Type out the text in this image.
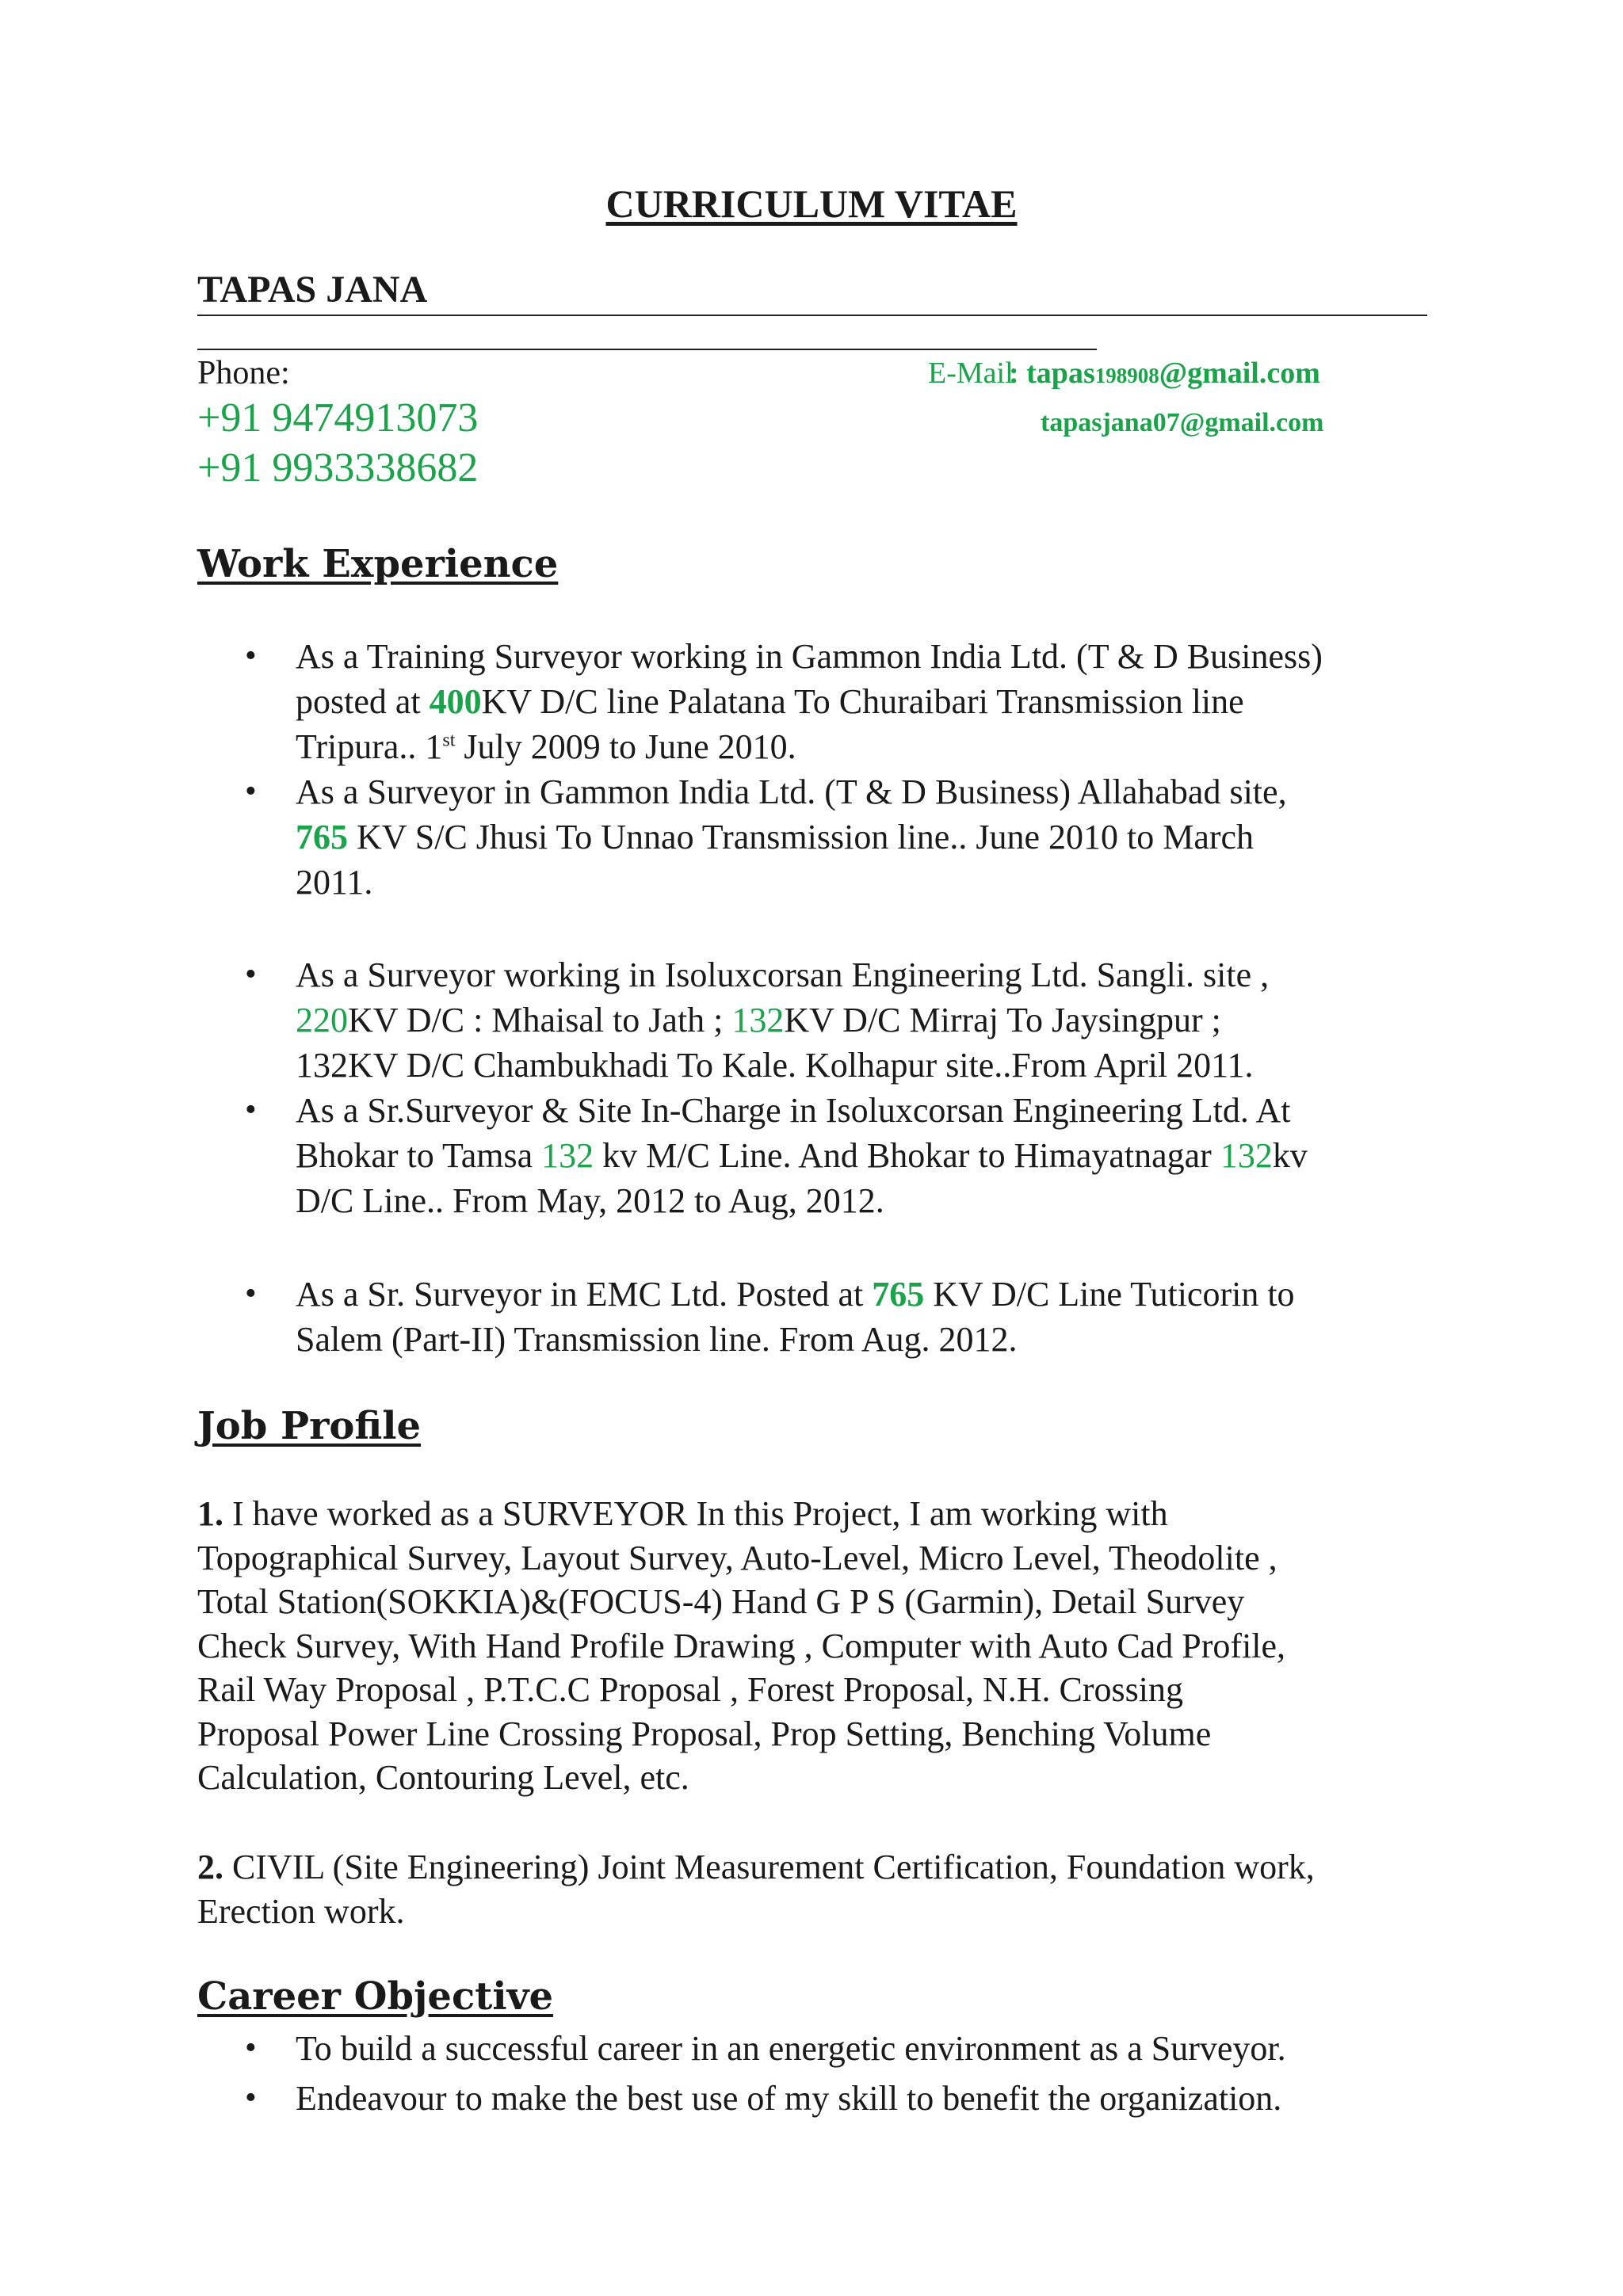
CURRICULUM VITAE
TAPAS JANA
Phone:
+91 9474913073
+91 9933338682
E-Mail
: tapas198908@gmail.com
tapasjana07@gmail.com
Work Experience
• As a Training Surveyor working in Gammon India Ltd. (T & D Business)
posted at 400KV D/C line Palatana To Churaibari Transmission line
Tripura.. 1st July 2009 to June 2010.
• As a Surveyor in Gammon India Ltd. (T & D Business) Allahabad site,
765 KV S/C Jhusi To Unnao Transmission line.. June 2010 to March
2011.
• As a Surveyor working in Isoluxcorsan Engineering Ltd. Sangli. site ,
220KV D/C : Mhaisal to Jath ; 132KV D/C Mirraj To Jaysingpur ;
132KV D/C Chambukhadi To Kale. Kolhapur site..From April 2011.
• As a Sr.Surveyor & Site In-Charge in Isoluxcorsan Engineering Ltd. At
Bhokar to Tamsa 132 kv M/C Line. And Bhokar to Himayatnagar 132kv
D/C Line.. From May, 2012 to Aug, 2012.
• As a Sr. Surveyor in EMC Ltd. Posted at 765 KV D/C Line Tuticorin to
Salem (Part-II) Transmission line. From Aug. 2012.
Job Profile
1. I have worked as a SURVEYOR In this Project, I am working with
Topographical Survey, Layout Survey, Auto-Level, Micro Level, Theodolite ,
Total Station(SOKKIA)&(FOCUS-4) Hand G P S (Garmin), Detail Survey
Check Survey, With Hand Profile Drawing , Computer with Auto Cad Profile,
Rail Way Proposal , P.T.C.C Proposal , Forest Proposal, N.H. Crossing
Proposal Power Line Crossing Proposal, Prop Setting, Benching Volume
Calculation, Contouring Level, etc.
2. CIVIL (Site Engineering) Joint Measurement Certification, Foundation work,
Erection work.
Career Objective
• To build a successful career in an energetic environment as a Surveyor.
• Endeavour to make the best use of my skill to benefit the organization.
